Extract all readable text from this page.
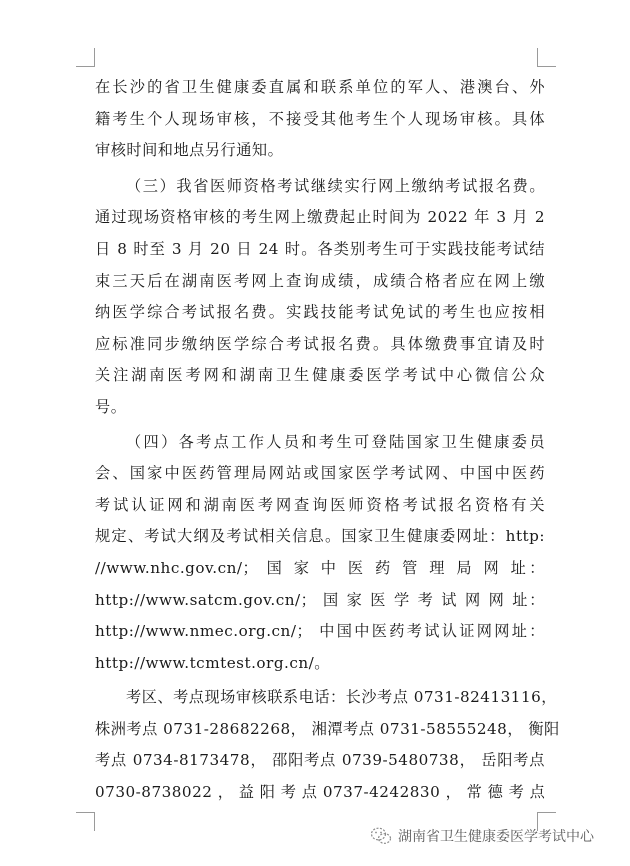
在长沙的省卫生健康委直属和联系单位的军人、港澳台、外
籍考生个人现场审核，不接受其他考生个人现场审核。具体
审核时间和地点另行通知。
（三）我省医师资格考试继续实行网上缴纳考试报名费。
通过现场资格审核的考生网上缴费起止时间为 2022 年 3 月 2
日 8 时至 3 月 20 日 24 时。各类别考生可于实践技能考试结
束三天后在湖南医考网上查询成绩，成绩合格者应在网上缴
纳医学综合考试报名费。实践技能考试免试的考生也应按相
应标准同步缴纳医学综合考试报名费。具体缴费事宜请及时
关注湖南医考网和湖南卫生健康委医学考试中心微信公众
号。
（四）各考点工作人员和考生可登陆国家卫生健康委员
会、国家中医药管理局网站或国家医学考试网、中国中医药
考试认证网和湖南医考网查询医师资格考试报名资格有关
规定、考试大纲及考试相关信息。国家卫生健康委网址：http:
//www.nhc.gov.cn/； 国 家 中 医 药 管 理 局 网 址：
http://www.satcm.gov.cn/； 国 家 医 学 考 试 网 网 址：
http://www.nmec.org.cn/； 中国中医药考试认证网网址：
http://www.tcmtest.org.cn/。
考区、考点现场审核联系电话：长沙考点 0731-82413116，
株洲考点 0731-28682268， 湘潭考点 0731-58555248， 衡阳
考点 0734-8173478， 邵阳考点 0739-5480738， 岳阳考点
0730-8738022 ， 益 阳 考 点 0737-4242830 ， 常 德 考 点
湖南省卫生健康委医学考试中心
